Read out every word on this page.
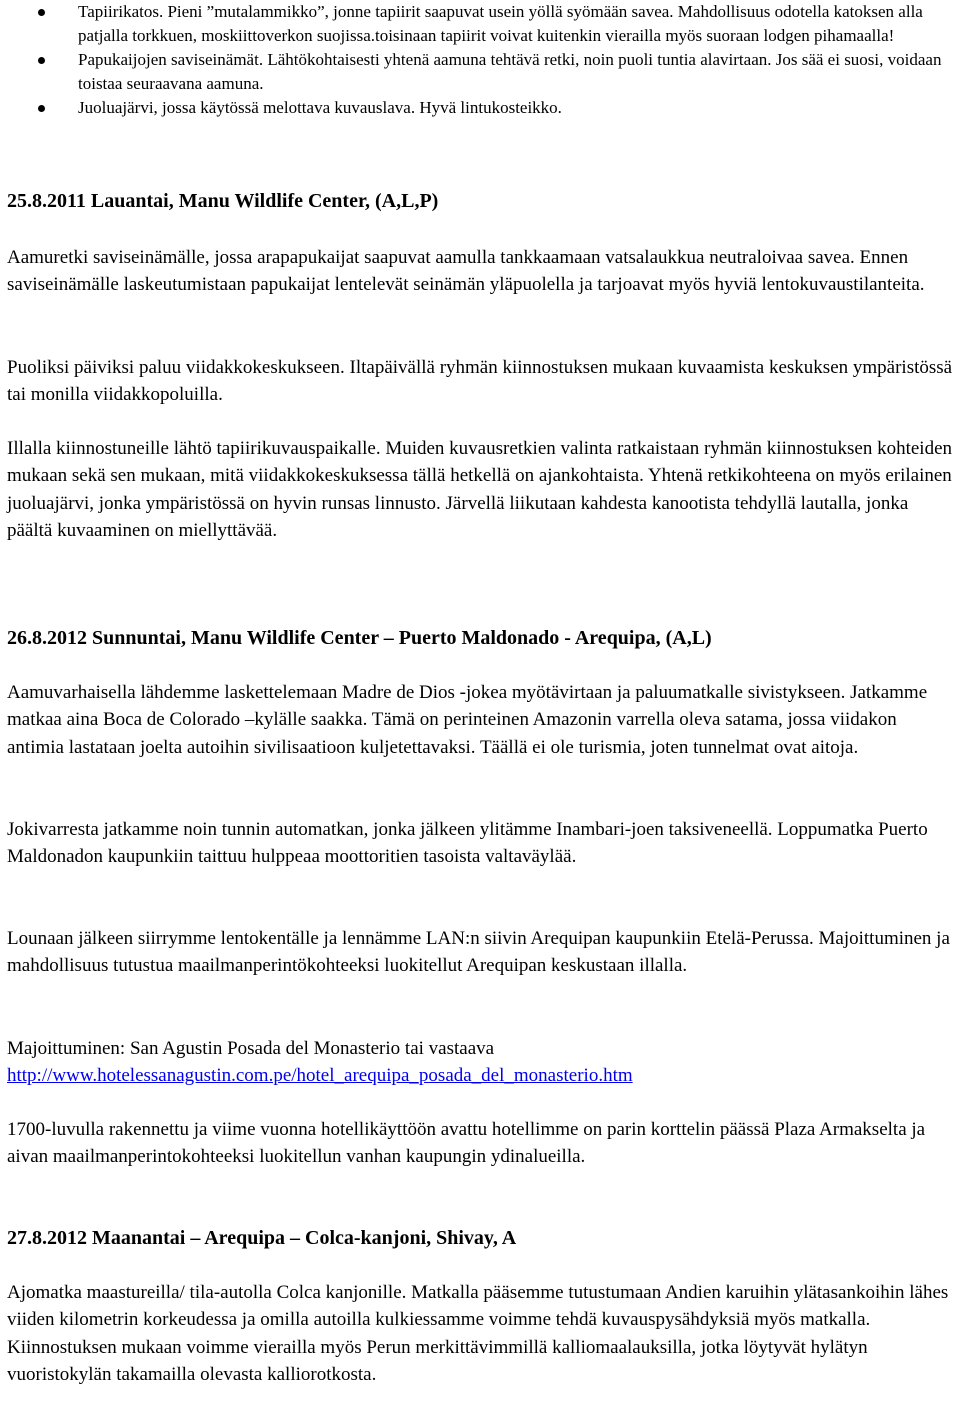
Tapiirikatos. Pieni ”mutalammikko”, jonne tapiirit saapuvat usein yöllä syömään savea. Mahdollisuus odotella katoksen alla patjalla torkkuen, moskiittoverkon suojissa.toisinaan tapiirit voivat kuitenkin vierailla myös suoraan lodgen pihamaalla!
Papukaijojen saviseinämät. Lähtökohtaisesti yhtenä aamuna tehtävä retki, noin puoli tuntia alavirtaan. Jos sää ei suosi, voidaan toistaa seuraavana aamuna.
Juoluajärvi, jossa käytössä melottava kuvauslava. Hyvä lintukosteikko.
25.8.2011 Lauantai, Manu Wildlife Center, (A,L,P)
Aamuretki saviseinämälle, jossa arapapukaijat saapuvat aamulla tankkaamaan vatsalaukkua neutraloivaa savea. Ennen saviseinämälle laskeutumistaan papukaijat lentelevät seinämän yläpuolella ja tarjoavat myös hyviä lentokuvaustilanteita.
Puoliksi päiviksi paluu viidakkokeskukseen. Iltapäivällä ryhmän kiinnostuksen mukaan kuvaamista keskuksen ympäristössä tai monilla viidakkopoluilla.
Illalla kiinnostuneille lähtö tapiirikuvauspaikalle. Muiden kuvausretkien valinta ratkaistaan ryhmän kiinnostuksen kohteiden mukaan sekä sen mukaan, mitä viidakkokeskuksessa tällä hetkellä on ajankohtaista. Yhtenä retkikohteena on myös erilainen juoluajärvi, jonka ympäristössä on hyvin runsas linnusto. Järvellä liikutaan kahdesta kanootista tehdyllä lautalla, jonka päältä kuvaaminen on miellyttävää.
26.8.2012 Sunnuntai, Manu Wildlife Center – Puerto Maldonado - Arequipa, (A,L)
Aamuvarhaisella lähdemme laskettelemaan Madre de Dios -jokea myötävirtaan ja paluumatkalle sivistykseen. Jatkamme matkaa aina Boca de Colorado –kylälle saakka. Tämä on perinteinen Amazonin varrella oleva satama, jossa viidakon antimia lastataan joelta autoihin sivilisaatioon kuljetettavaksi. Täällä ei ole turismia, joten tunnelmat ovat aitoja.
Jokivarresta jatkamme noin tunnin automatkan, jonka jälkeen ylitämme Inambari-joen taksiveneellä. Loppumatka Puerto Maldonadon kaupunkiin taittuu hulppeaa moottoritien tasoista valtaväylää.
Lounaan jälkeen siirrymme lentokentälle ja lennämme LAN:n siivin Arequipan kaupunkiin Etelä-Perussa. Majoittuminen ja mahdollisuus tutustua maailmanperintökohteeksi luokitellut Arequipan keskustaan illalla.
Majoittuminen: San Agustin Posada del Monasterio tai vastaava
http://www.hotelessanagustin.com.pe/hotel_arequipa_posada_del_monasterio.htm
1700-luvulla rakennettu ja viime vuonna hotellikäyttöön avattu hotellimme on parin korttelin päässä Plaza Armakselta ja aivan maailmanperintokohteeksi luokitellun vanhan kaupungin ydinalueilla.
27.8.2012 Maanantai – Arequipa – Colca-kanjoni, Shivay, A
Ajomatka maastureilla/ tila-autolla Colca kanjonille. Matkalla pääsemme tutustumaan Andien karuihin ylätasankoihin lähes viiden kilometrin korkeudessa ja omilla autoilla kulkiessamme voimme tehdä kuvauspysähdyksiä myös matkalla. Kiinnostuksen mukaan voimme vierailla myös Perun merkittävimmillä kalliomaalauksilla, jotka löytyvät hylätyn vuoristokylän takamailla olevasta kalliorotkosta.
